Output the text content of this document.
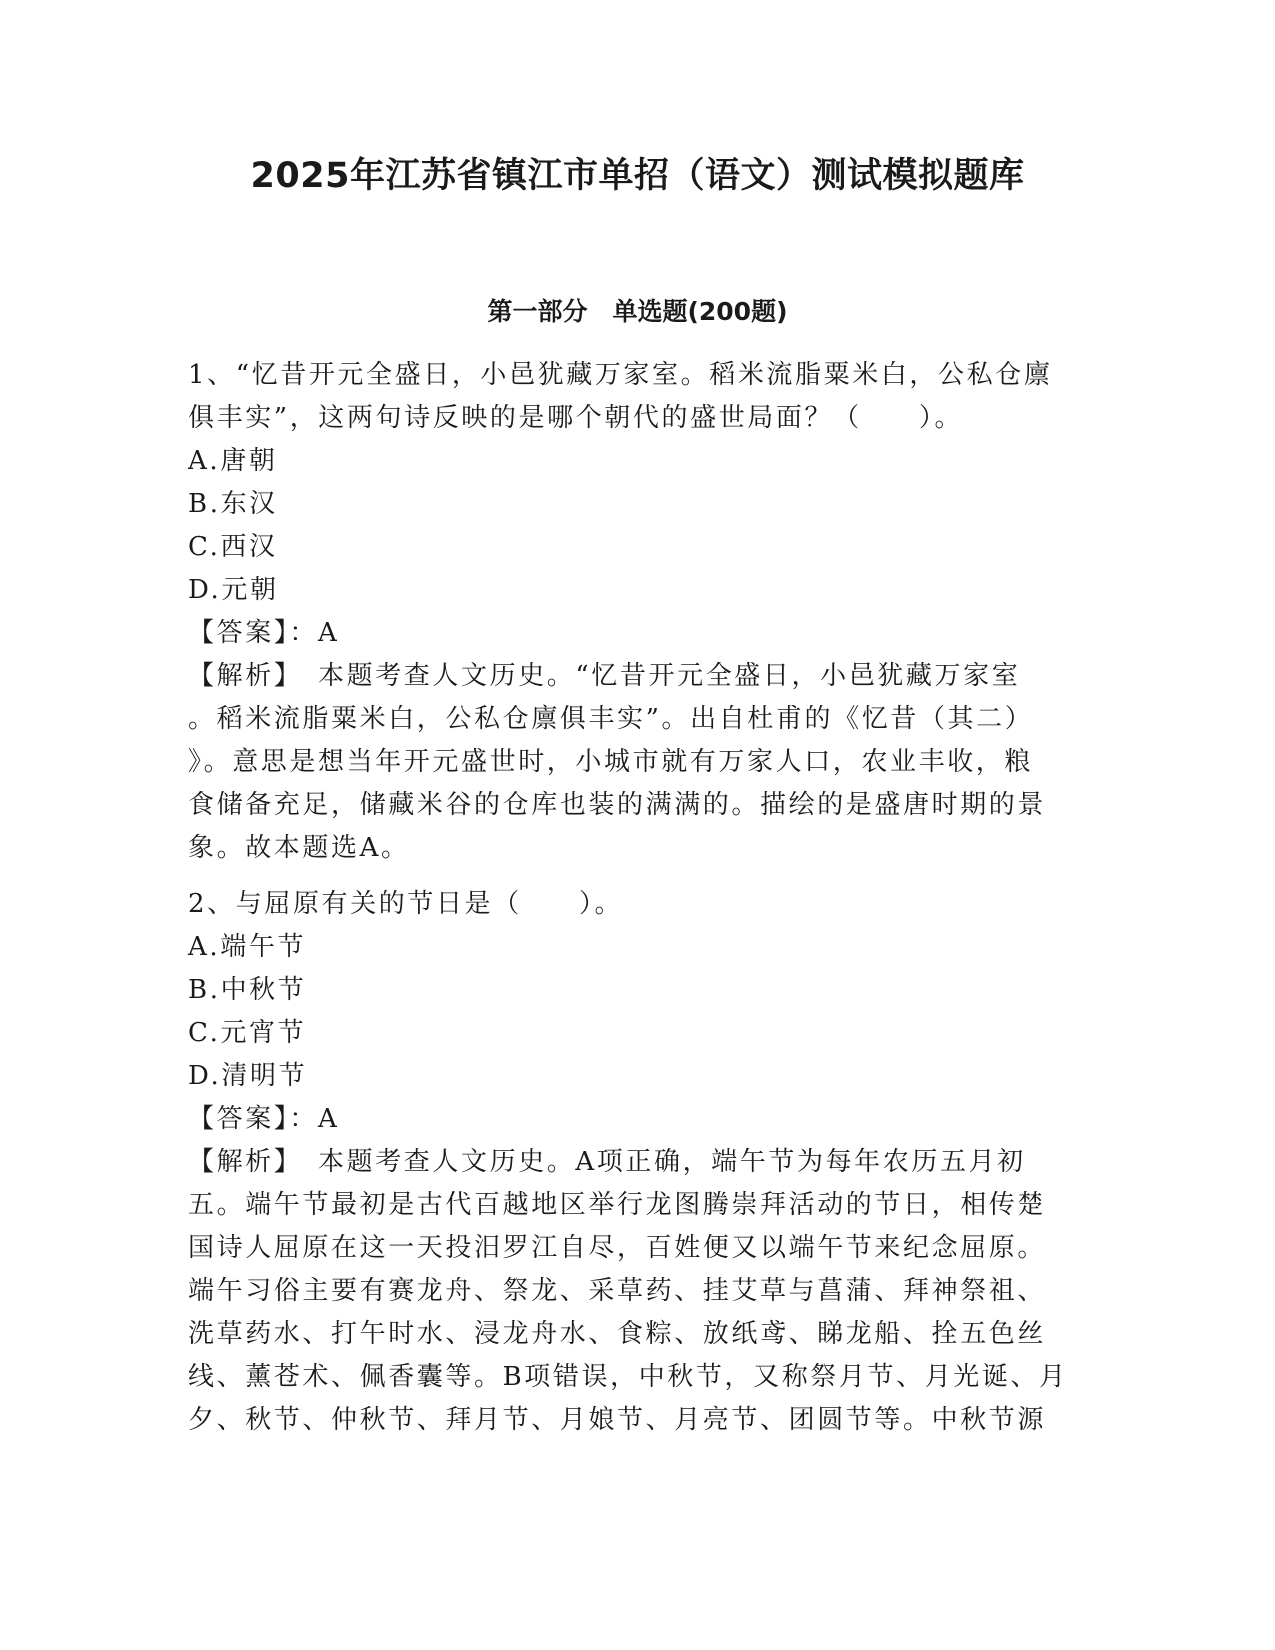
2025年江苏省镇江市单招（语文）测试模拟题库
第一部分　单选题(200题)

1、“忆昔开元全盛日，小邑犹藏万家室。稻米流脂粟米白，公私仓廪

俱丰实”，这两句诗反映的是哪个朝代的盛世局面？（　　）。

A.唐朝

B.东汉

C.西汉

D.元朝

【答案】：A

【解析】　本题考查人文历史。“忆昔开元全盛日，小邑犹藏万家室

。稻米流脂粟米白，公私仓廪俱丰实”。出自杜甫的《忆昔（其二）

》。意思是想当年开元盛世时，小城市就有万家人口，农业丰收，粮

食储备充足，储藏米谷的仓库也装的满满的。描绘的是盛唐时期的景

象。故本题选A。

2、与屈原有关的节日是（　　）。

A.端午节

B.中秋节

C.元宵节

D.清明节

【答案】：A

【解析】　本题考查人文历史。A项正确，端午节为每年农历五月初

五。端午节最初是古代百越地区举行龙图腾崇拜活动的节日，相传楚

国诗人屈原在这一天投汨罗江自尽，百姓便又以端午节来纪念屈原。

端午习俗主要有赛龙舟、祭龙、采草药、挂艾草与菖蒲、拜神祭祖、

洗草药水、打午时水、浸龙舟水、食粽、放纸鸢、睇龙船、拴五色丝

线、薰苍术、佩香囊等。B项错误，中秋节，又称祭月节、月光诞、月

夕、秋节、仲秋节、拜月节、月娘节、月亮节、团圆节等。中秋节源
